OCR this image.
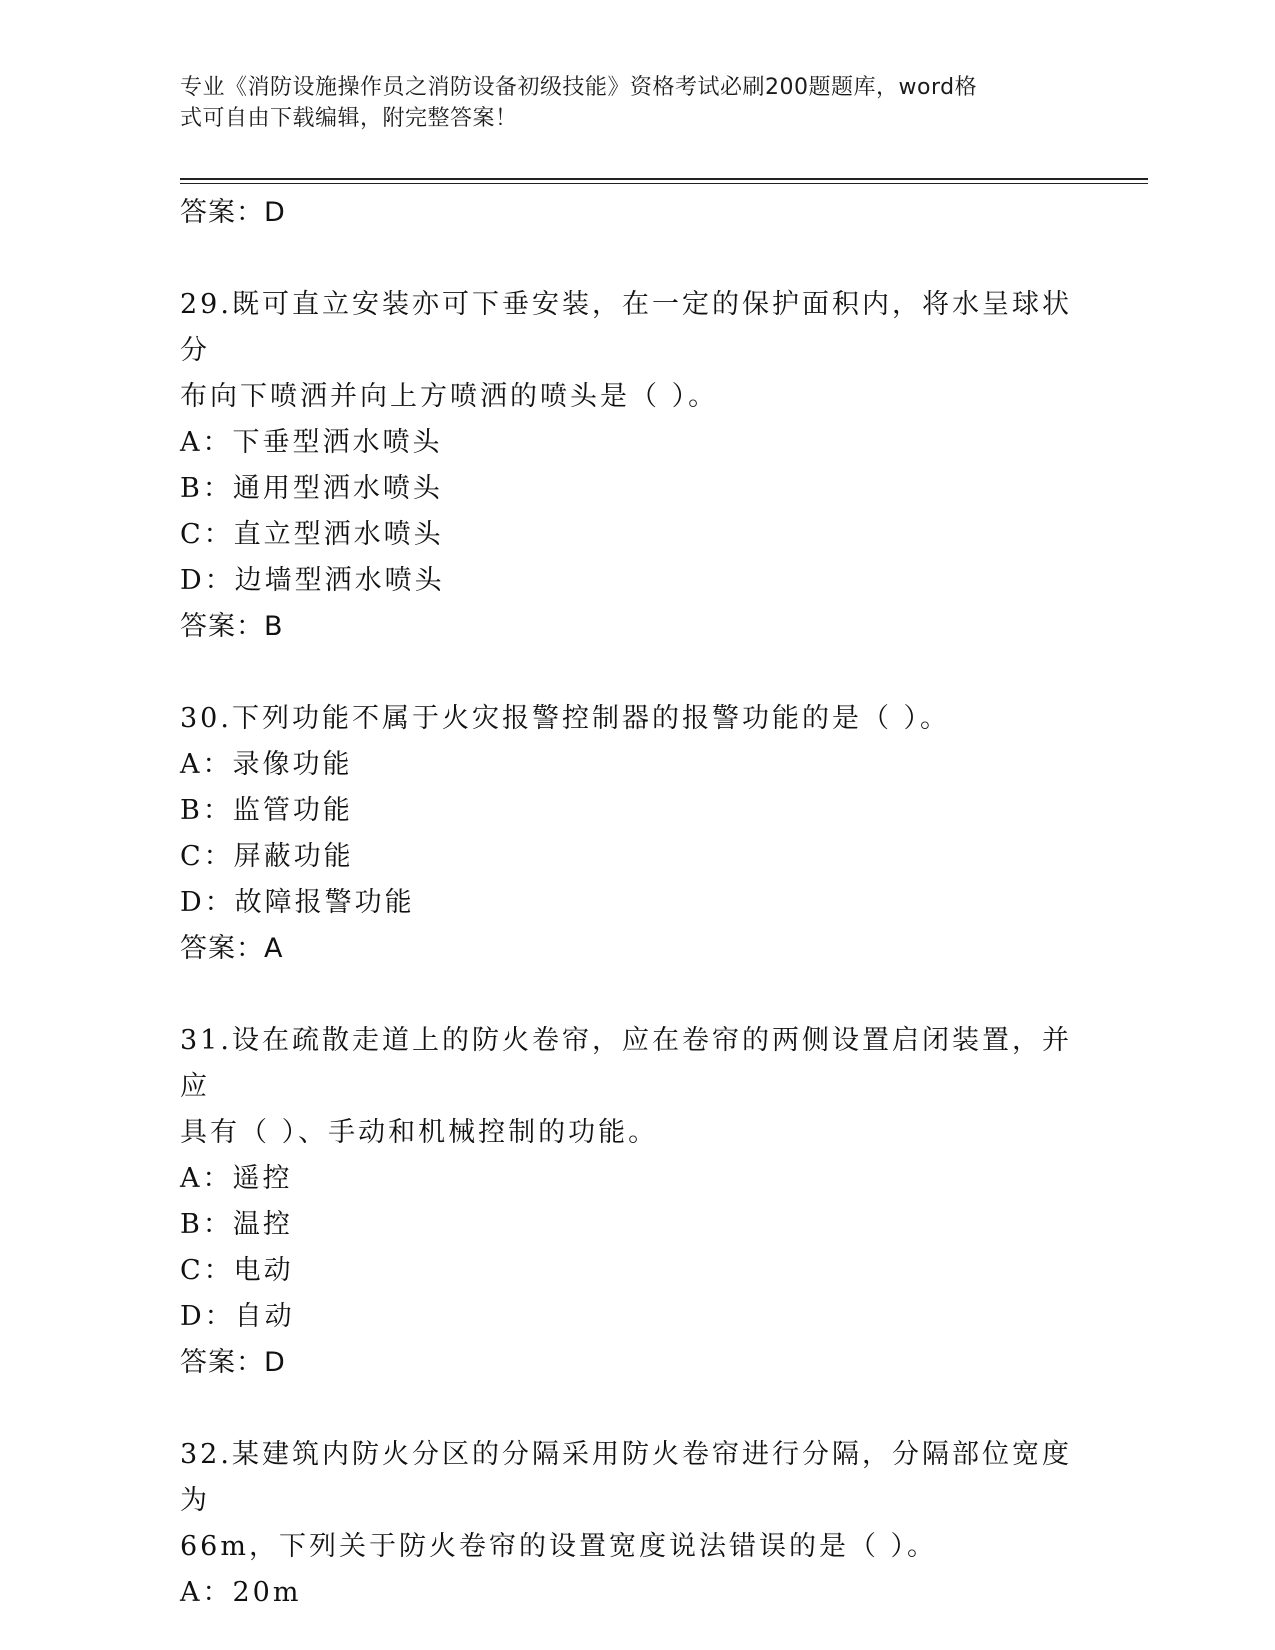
专业《消防设施操作员之消防设备初级技能》资格考试必刷200题题库，word格
式可自由下载编辑，附完整答案！

答案：D

29.既可直立安装亦可下垂安装，在一定的保护面积内，将水呈球状分

布向下喷洒并向上方喷洒的喷头是（ ）。

A：下垂型洒水喷头

B：通用型洒水喷头

C：直立型洒水喷头

D：边墙型洒水喷头

答案：B

30.下列功能不属于火灾报警控制器的报警功能的是（ ）。

A：录像功能

B：监管功能

C：屏蔽功能

D：故障报警功能

答案：A

31.设在疏散走道上的防火卷帘，应在卷帘的两侧设置启闭装置，并应

具有（ ）、手动和机械控制的功能。

A：遥控

B：温控

C：电动

D：自动

答案：D

32.某建筑内防火分区的分隔采用防火卷帘进行分隔，分隔部位宽度为

66m，下列关于防火卷帘的设置宽度说法错误的是（ ）。

A：20m
